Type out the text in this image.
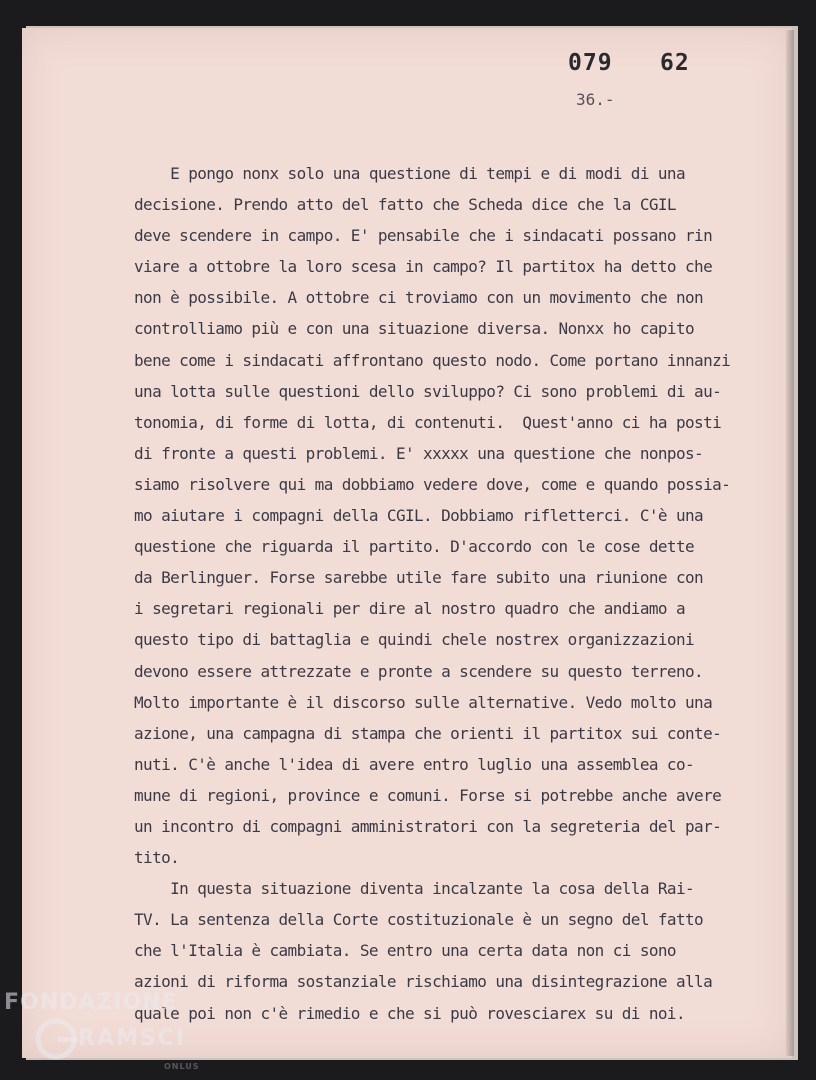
079 62
36.-
E pongo nonx solo una questione di tempi e di modi di una
decisione. Prendo atto del fatto che Scheda dice che la CGIL
deve scendere in campo. E' pensabile che i sindacati possano rin
viare a ottobre la loro scesa in campo? Il partitox ha detto che
non è possibile. A ottobre ci troviamo con un movimento che non
controlliamo più e con una situazione diversa. Nonxx ho capito
bene come i sindacati affrontano questo nodo. Come portano innanzi
una lotta sulle questioni dello sviluppo? Ci sono problemi di au-
tonomia, di forme di lotta, di contenuti.  Quest'anno ci ha posti
di fronte a questi problemi. E' xxxxx una questione che nonpos-
siamo risolvere qui ma dobbiamo vedere dove, come e quando possia-
mo aiutare i compagni della CGIL. Dobbiamo rifletterci. C'è una
questione che riguarda il partito. D'accordo con le cose dette
da Berlinguer. Forse sarebbe utile fare subito una riunione con
i segretari regionali per dire al nostro quadro che andiamo a
questo tipo di battaglia e quindi chele nostrex organizzazioni
devono essere attrezzate e pronte a scendere su questo terreno.
Molto importante è il discorso sulle alternative. Vedo molto una
azione, una campagna di stampa che orienti il partitox sui conte-
nuti. C'è anche l'idea di avere entro luglio una assemblea co-
mune di regioni, province e comuni. Forse si potrebbe anche avere
un incontro di compagni amministratori con la segreteria del par-
tito.
In questa situazione diventa incalzante la cosa della Rai-
TV. La sentenza della Corte costituzionale è un segno del fatto
che l'Italia è cambiata. Se entro una certa data non ci sono
azioni di riforma sostanziale rischiamo una disintegrazione alla
quale poi non c'è rimedio e che si può rovesciarex su di noi.
FONDAZIONE
RAMSCI
ONLUS
